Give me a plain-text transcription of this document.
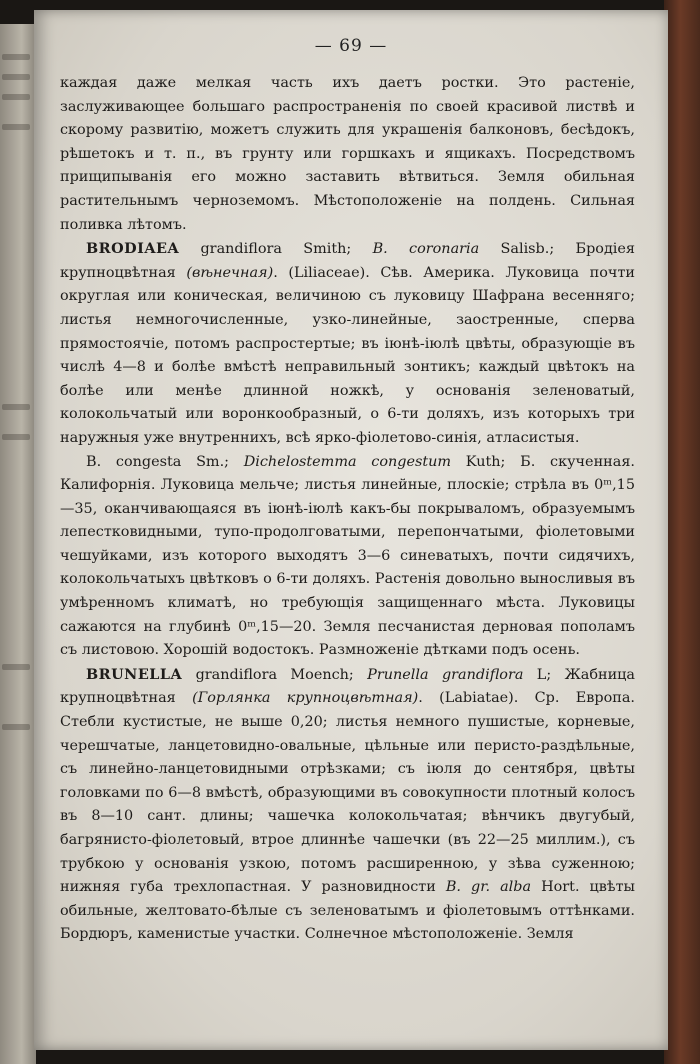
— 69 —

каждая даже мелкая часть ихъ даетъ ростки. Это растеніе, заслуживающее большаго распространенія по своей красивой листвѣ и скорому развитію, можетъ служить для украшенія балконовъ, бесѣдокъ, рѣшетокъ и т. п., въ грунту или горшкахъ и ящикахъ. Посредствомъ прищипыванія его можно заставить вѣтвиться. Земля обильная растительнымъ черноземомъ. Мѣстоположеніе на полдень. Сильная поливка лѣтомъ.

BRODIAEA grandiflora Smith; B. coronaria Salisb.; Бродіея крупноцвѣтная (вѣнечная). (Liliaceae). Сѣв. Америка. Луковица почти округлая или коническая, величиною съ луковицу Шафрана весенняго; листья немногочисленные, узко-линейные, заостренные, сперва прямостоячіе, потомъ распростертые; въ іюнѣ-іюлѣ цвѣты, образующіе въ числѣ 4—8 и болѣе вмѣстѣ неправильный зонтикъ; каждый цвѣтокъ на болѣе или менѣе длинной ножкѣ, у основанія зеленоватый, колокольчатый или воронкообразный, о 6-ти доляхъ, изъ которыхъ три наружныя уже внутреннихъ, всѣ ярко-фіолетово-синія, атласистыя.

B. congesta Sm.; Dichelostemma congestum Kuth; Б. скученная. Калифорнія. Луковица мельче; листья линейные, плоскіе; стрѣла въ 0ᵐ,15—35, оканчивающаяся въ іюнѣ-іюлѣ какъ-бы покрываломъ, образуемымъ лепестковидными, тупо-продолговатыми, перепончатыми, фіолетовыми чешуйками, изъ которого выходятъ 3—6 синеватыхъ, почти сидячихъ, колокольчатыхъ цвѣтковъ о 6-ти доляхъ. Растенія довольно выносливыя въ умѣренномъ климатѣ, но требующія защищеннаго мѣста. Луковицы сажаются на глубинѣ 0ᵐ,15—20. Земля песчанистая дерновая пополамъ съ листовою. Хорошій водостокъ. Размноженіе дѣтками подъ осень.

BRUNELLA grandiflora Moench; Prunella grandiflora L; Жабница крупноцвѣтная (Горлянка крупноцвѣтная). (Labiatae). Ср. Европа. Стебли кустистые, не выше 0,20; листья немного пушистые, корневые, черешчатые, ланцетовидно-овальные, цѣльные или перисто-раздѣльные, съ линейно-ланцетовидными отрѣзками; съ іюля до сентября, цвѣты головками по 6—8 вмѣстѣ, образующими въ совокупности плотный колосъ въ 8—10 сант. длины; чашечка колокольчатая; вѣнчикъ двугубый, багрянисто-фіолетовый, втрое длиннѣе чашечки (въ 22—25 миллим.), съ трубкою у основанія узкою, потомъ расширенною, у зѣва суженною; нижняя губа трехлопастная. У разновидности B. gr. alba Hort. цвѣты обильные, желтовато-бѣлые съ зеленоватымъ и фіолетовымъ оттѣнками. Бордюръ, каменистые участки. Солнечное мѣстоположеніе. Земля
